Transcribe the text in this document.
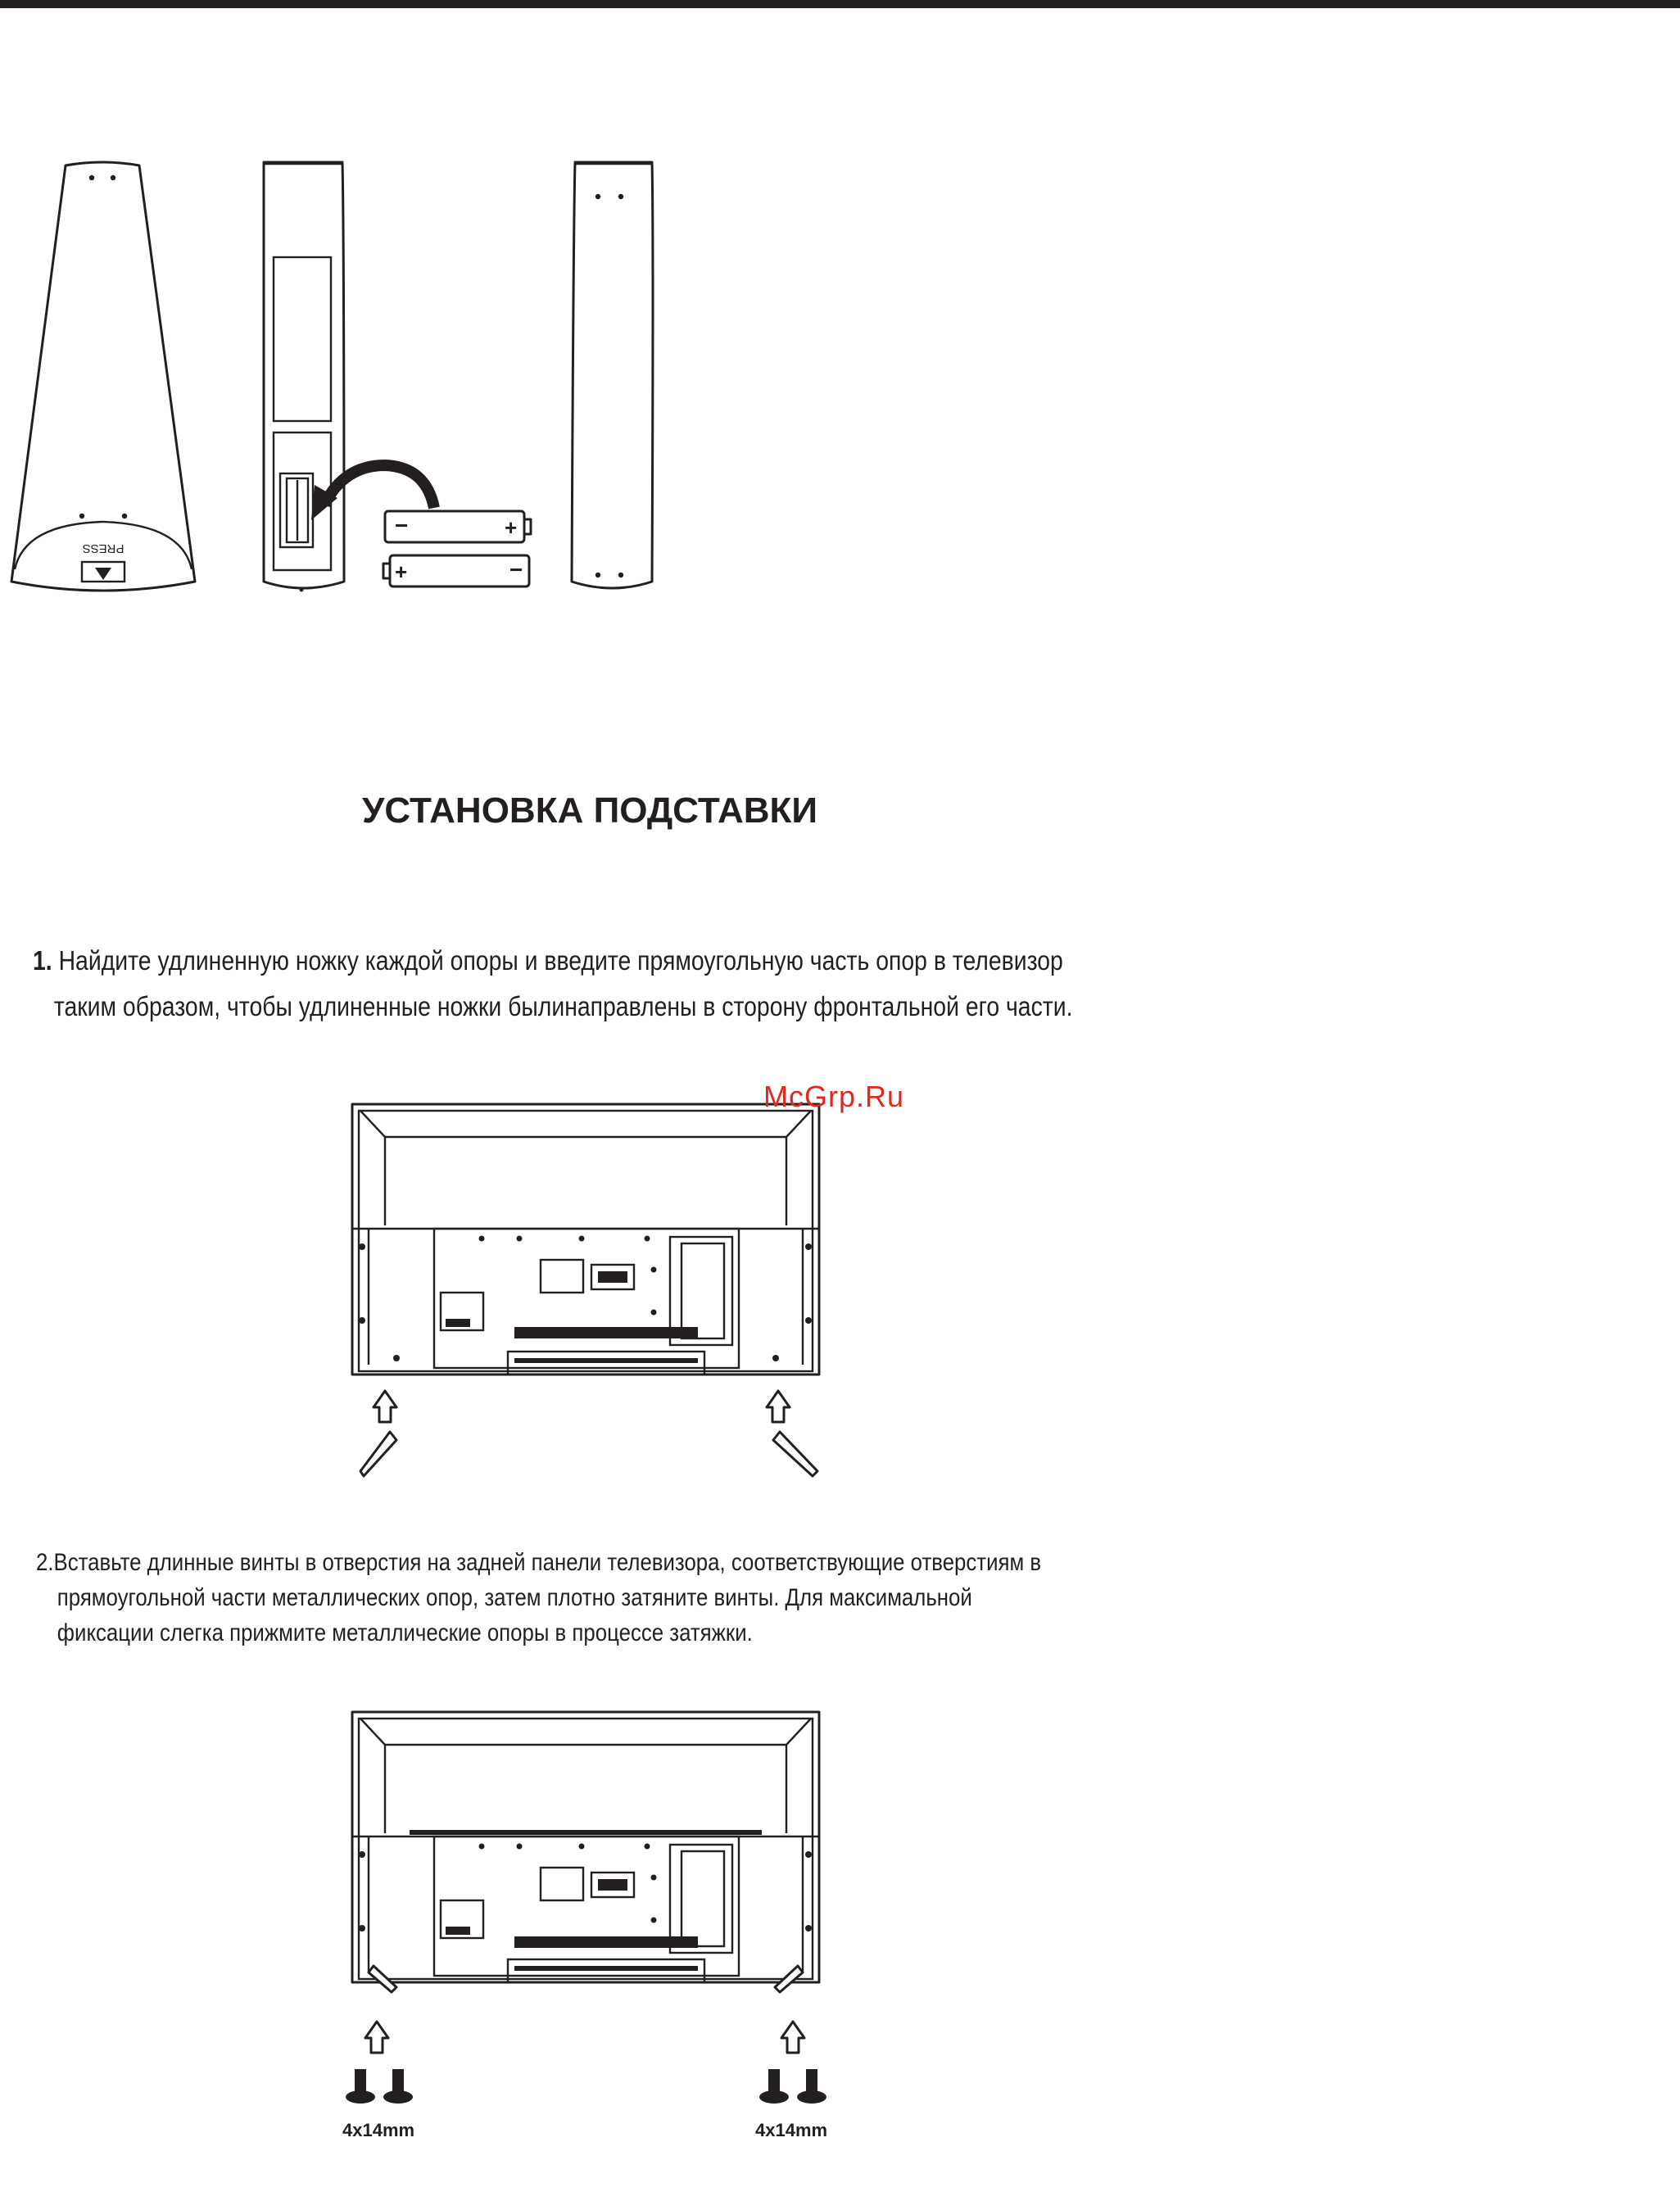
PRESS
−	+
+	−
УСТАНОВКА ПОДСТАВКИ
1. Найдите удлиненную ножку каждой опоры и введите прямоугольную часть опор в телевизор
таким образом, чтобы удлиненные ножки былинаправлены в сторону фронтальной его части.
McGrp.Ru
2.Вставьте длинные винты в отверстия на задней панели телевизора, соответствующие отверстиям в
прямоугольной части металлических опор, затем плотно затяните винты. Для максимальной
фиксации слегка прижмите металлические опоры в процессе затяжки.
4x14mm	4x14mm
